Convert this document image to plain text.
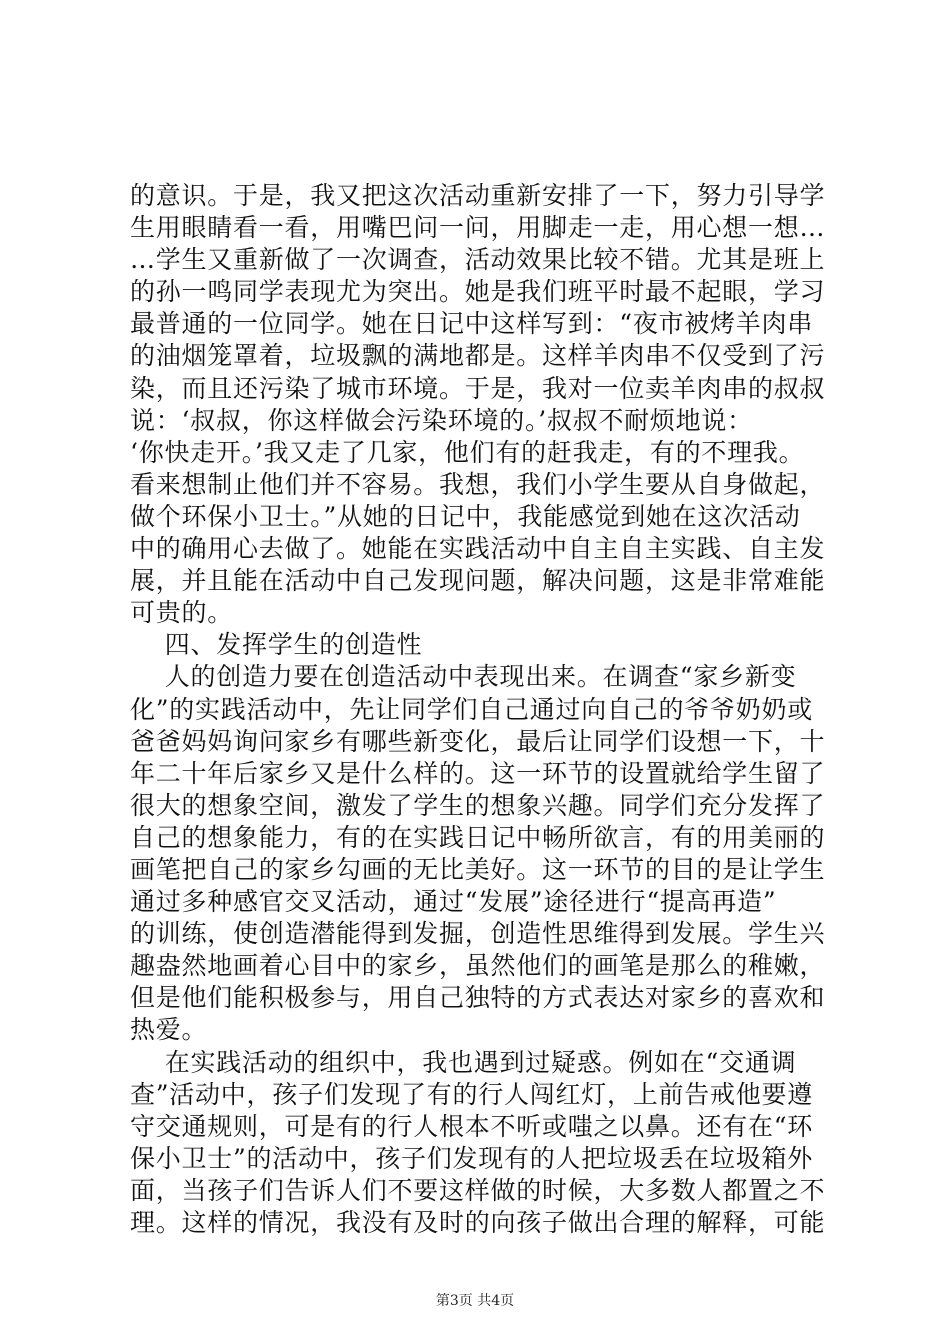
的意识。于是，我又把这次活动重新安排了一下，努力引导学
生用眼睛看一看，用嘴巴问一问，用脚走一走，用心想一想…
…学生又重新做了一次调查，活动效果比较不错。尤其是班上
的孙一鸣同学表现尤为突出。她是我们班平时最不起眼，学习
最普通的一位同学。她在日记中这样写到：“夜市被烤羊肉串
的油烟笼罩着，垃圾飘的满地都是。这样羊肉串不仅受到了污
染，而且还污染了城市环境。于是，我对一位卖羊肉串的叔叔
说：‘叔叔，你这样做会污染环境的。’叔叔不耐烦地说：
‘你快走开。’我又走了几家，他们有的赶我走，有的不理我。
看来想制止他们并不容易。我想，我们小学生要从自身做起，
做个环保小卫士。”从她的日记中，我能感觉到她在这次活动
中的确用心去做了。她能在实践活动中自主自主实践、自主发
展，并且能在活动中自己发现问题，解决问题，这是非常难能
可贵的。
四、发挥学生的创造性
人的创造力要在创造活动中表现出来。在调查“家乡新变
化”的实践活动中，先让同学们自己通过向自己的爷爷奶奶或
爸爸妈妈询问家乡有哪些新变化，最后让同学们设想一下，十
年二十年后家乡又是什么样的。这一环节的设置就给学生留了
很大的想象空间，激发了学生的想象兴趣。同学们充分发挥了
自己的想象能力，有的在实践日记中畅所欲言，有的用美丽的
画笔把自己的家乡勾画的无比美好。这一环节的目的是让学生
通过多种感官交叉活动，通过“发展”途径进行“提高再造”
的训练，使创造潜能得到发掘，创造性思维得到发展。学生兴
趣盎然地画着心目中的家乡，虽然他们的画笔是那么的稚嫩，
但是他们能积极参与，用自己独特的方式表达对家乡的喜欢和
热爱。
在实践活动的组织中，我也遇到过疑惑。例如在“交通调
查”活动中，孩子们发现了有的行人闯红灯，上前告戒他要遵
守交通规则，可是有的行人根本不听或嗤之以鼻。还有在“环
保小卫士”的活动中，孩子们发现有的人把垃圾丢在垃圾箱外
面，当孩子们告诉人们不要这样做的时候，大多数人都置之不
理。这样的情况，我没有及时的向孩子做出合理的解释，可能
第3页 共4页
